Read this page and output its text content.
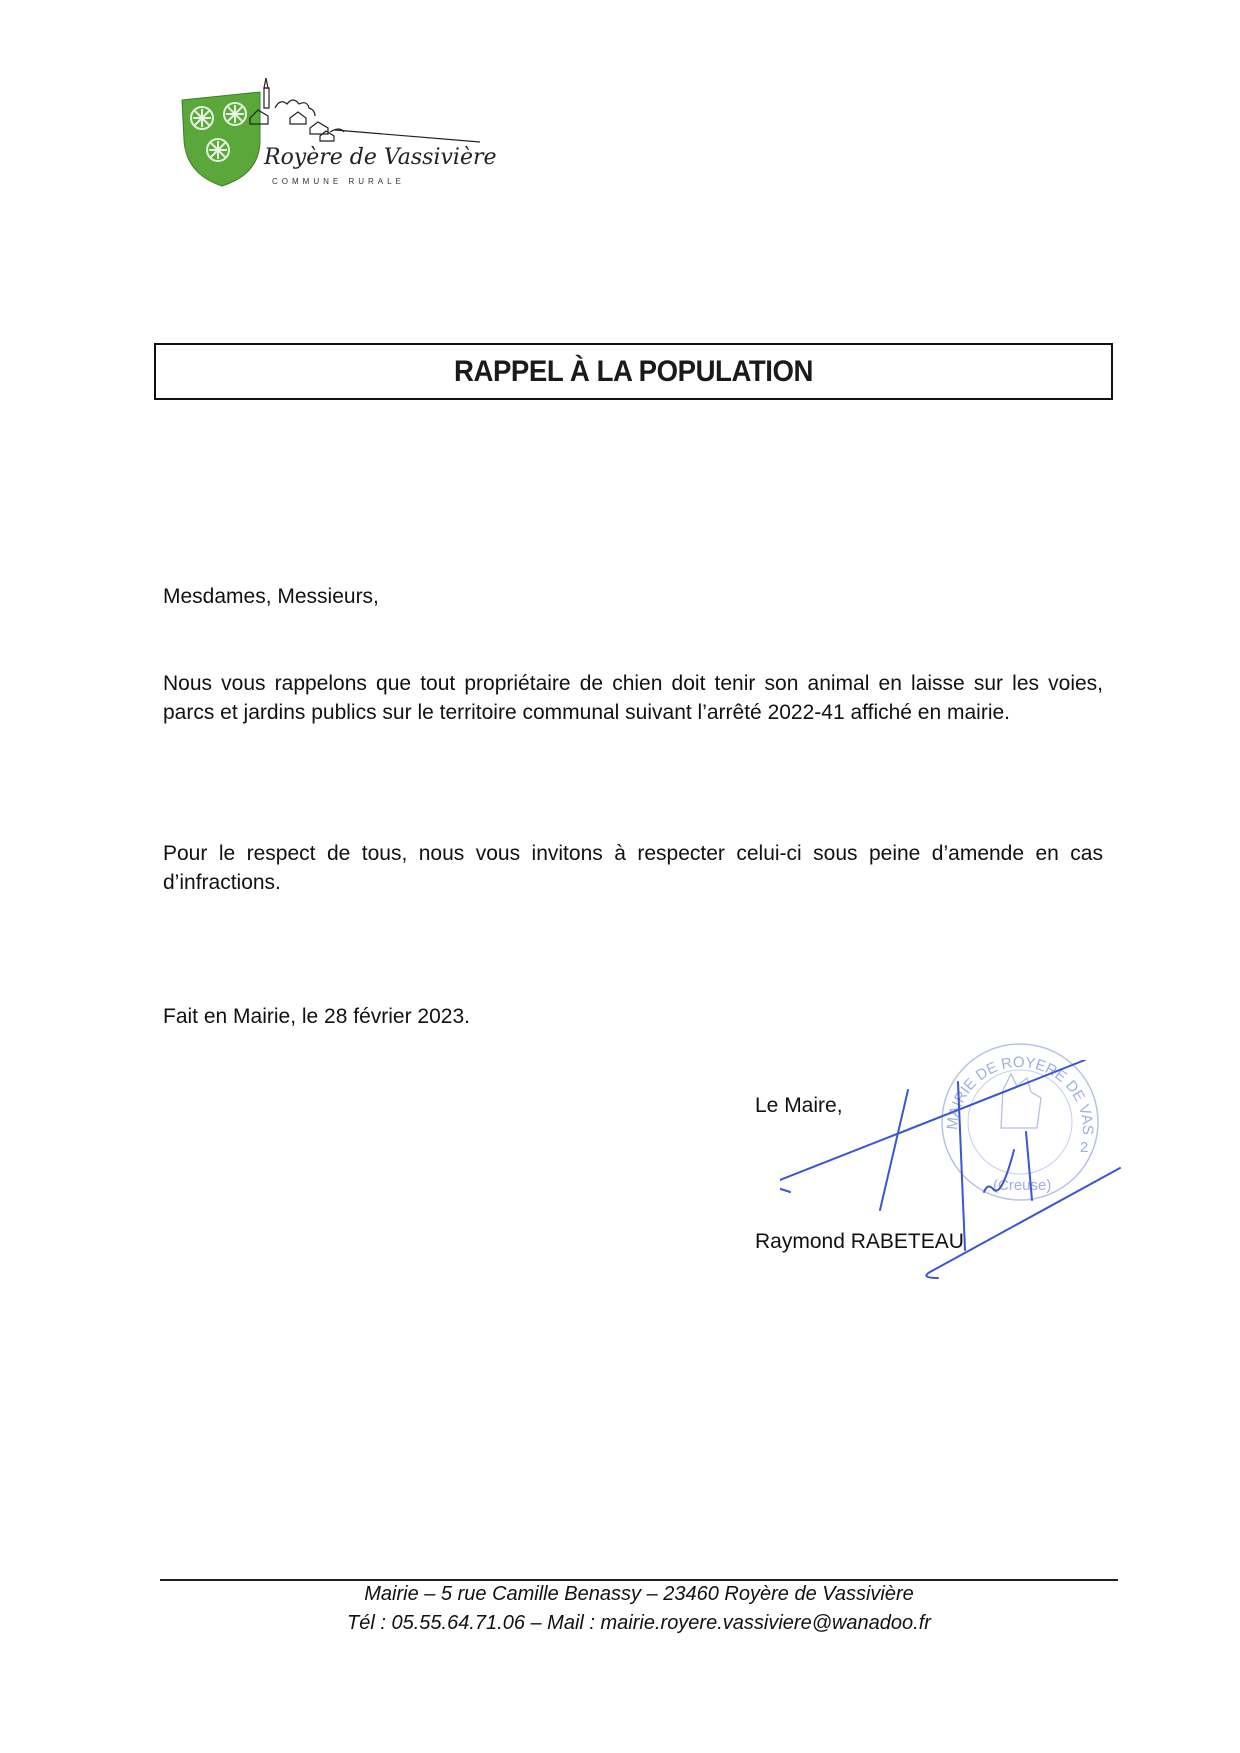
Royère de Vassivière
COMMUNE RURALE
RAPPEL À LA POPULATION
Mesdames, Messieurs,
Nous vous rappelons que tout propriétaire de chien doit tenir son animal en laisse sur les voies, parcs et jardins publics sur le territoire communal suivant l’arrêté 2022-41 affiché en mairie.
Pour le respect de tous, nous vous invitons à respecter celui-ci sous peine d’amende en cas d’infractions.
Fait en Mairie, le 28 février 2023.
MAIRIE DE ROYERE DE VAS
2
(Creuse)
Le Maire,
Raymond RABETEAU
Mairie – 5 rue Camille Benassy – 23460 Royère de Vassivière
Tél : 05.55.64.71.06 – Mail : mairie.royere.vassiviere@wanadoo.fr
